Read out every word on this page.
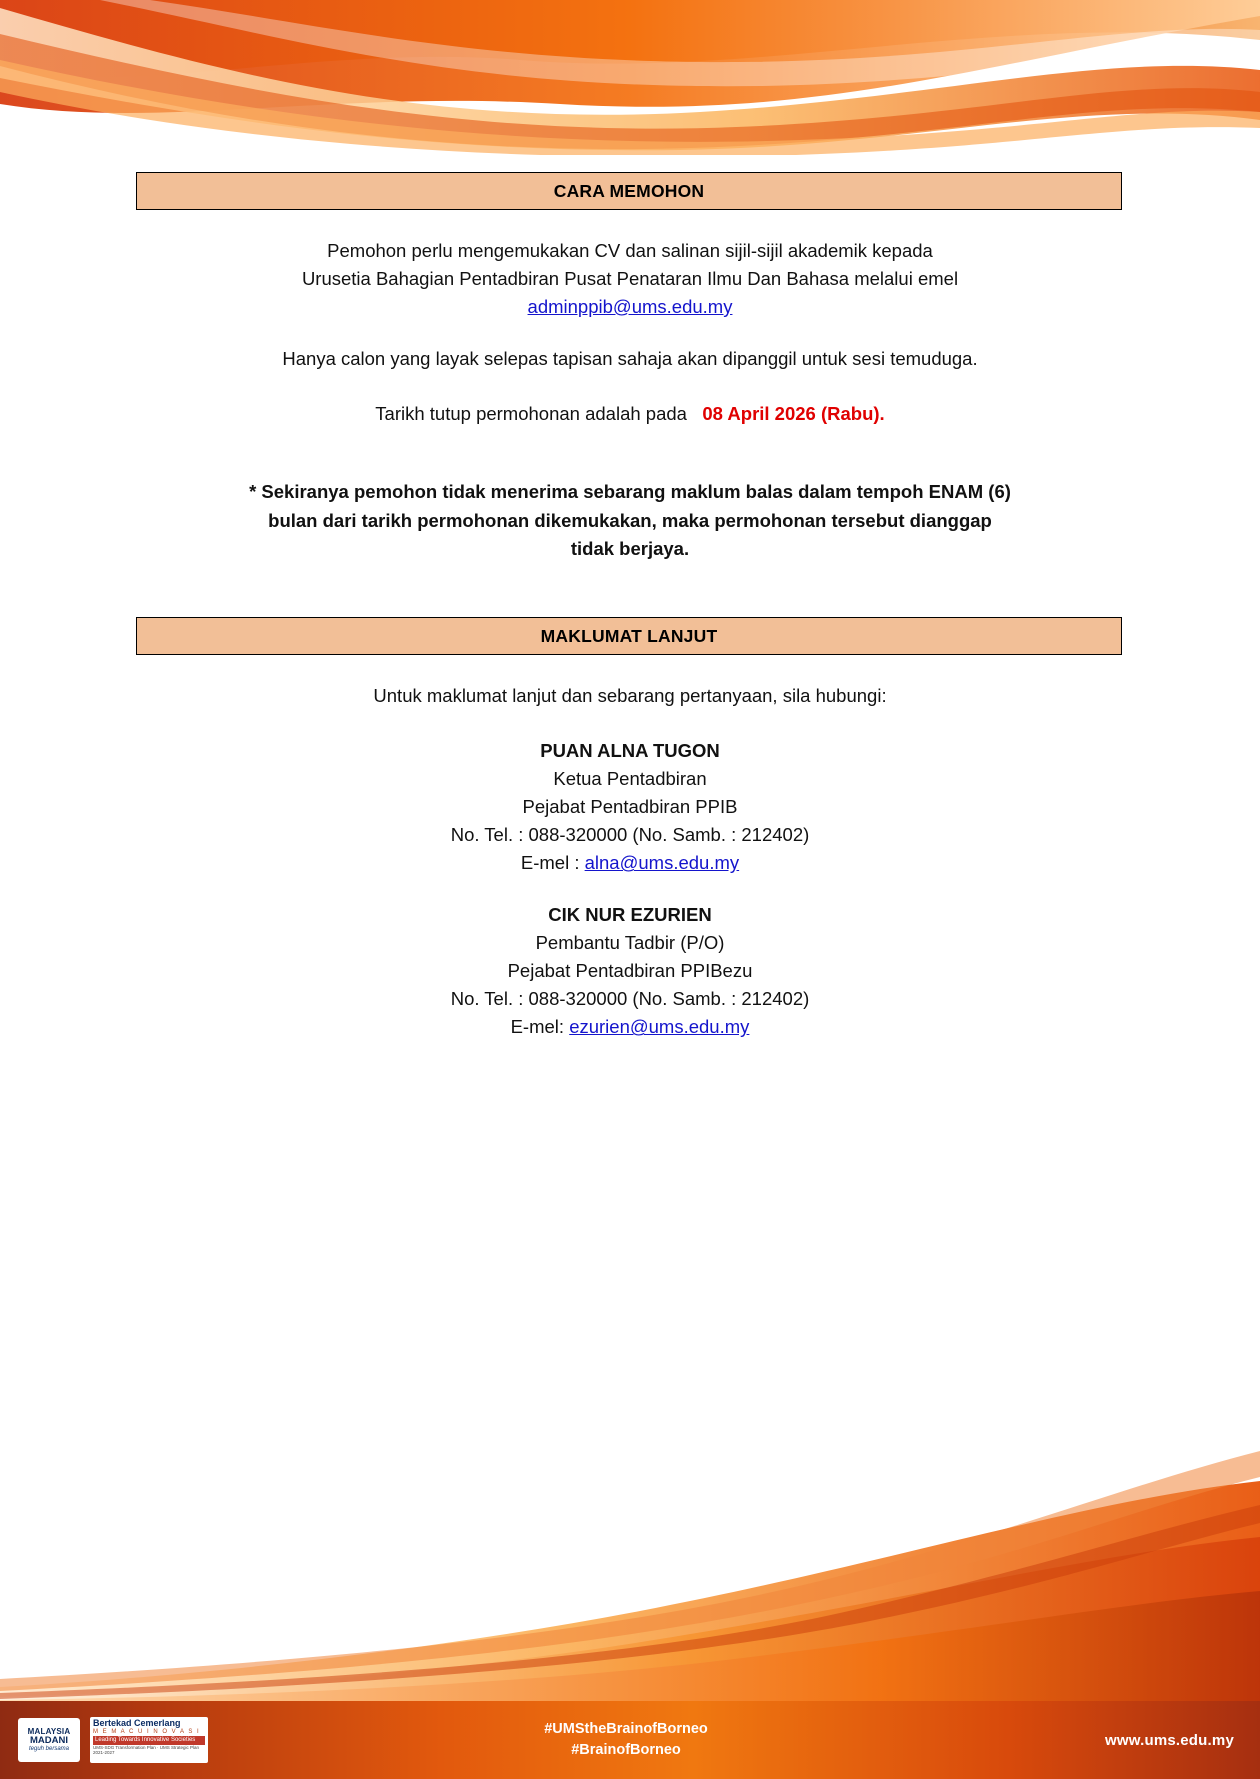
CARA MEMOHON
Pemohon perlu mengemukakan CV dan salinan sijil-sijil akademik kepada
Urusetia Bahagian Pentadbiran Pusat Penataran Ilmu Dan Bahasa melalui emel
adminppib@ums.edu.my
Hanya calon yang layak selepas tapisan sahaja akan dipanggil untuk sesi temuduga.
Tarikh tutup permohonan adalah pada 08 April 2026 (Rabu).
* Sekiranya pemohon tidak menerima sebarang maklum balas dalam tempoh ENAM (6)
bulan dari tarikh permohonan dikemukakan, maka permohonan tersebut dianggap
tidak berjaya.
MAKLUMAT LANJUT
Untuk maklumat lanjut dan sebarang pertanyaan, sila hubungi:
PUAN ALNA TUGON
Ketua Pentadbiran
Pejabat Pentadbiran PPIB
No. Tel. : 088-320000 (No. Samb. : 212402)
E-mel : alna@ums.edu.my
CIK NUR EZURIEN
Pembantu Tadbir (P/O)
Pejabat Pentadbiran PPIBezu
No. Tel. : 088-320000 (No. Samb. : 212402)
E-mel: ezurien@ums.edu.my
MALAYSIA
MADANI
teguh bersama
Bertekad Cemerlang
M E M A C U I N O V A S I
Leading Towards Innovative Societies
UMS-SDG Transformation Plan · UMS Strategic Plan 2021-2027
#UMStheBrainofBorneo
#BrainofBorneo
www.ums.edu.my
